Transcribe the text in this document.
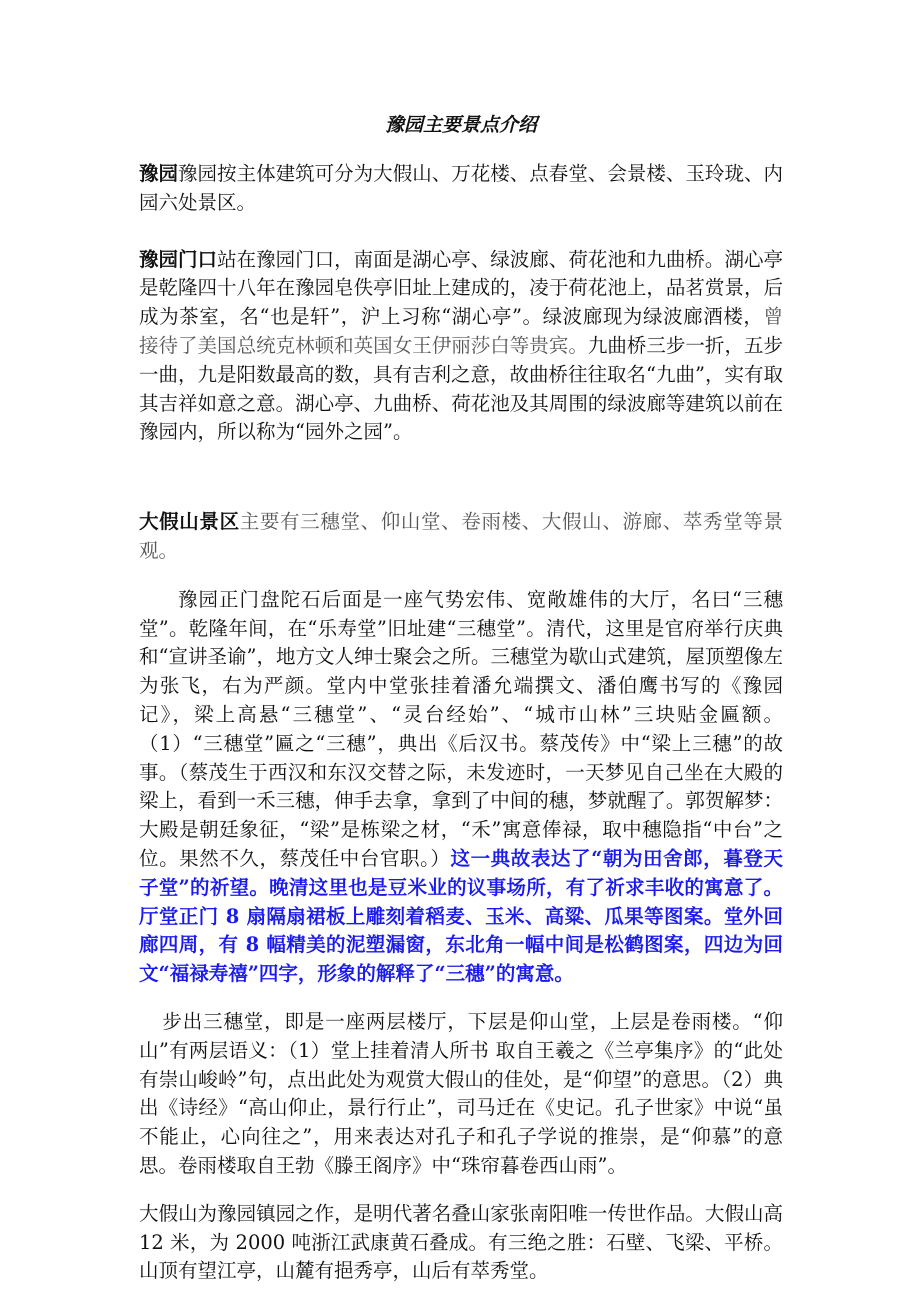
豫园主要景点介绍

豫园豫园按主体建筑可分为大假山、万花楼、点春堂、会景楼、玉玲珑、内园六处景区。

豫园门口站在豫园门口，南面是湖心亭、绿波廊、荷花池和九曲桥。湖心亭是乾隆四十八年在豫园皂佚亭旧址上建成的，凌于荷花池上，品茗赏景，后成为茶室，名“也是轩”，沪上习称“湖心亭”。绿波廊现为绿波廊酒楼，曾接待了美国总统克林顿和英国女王伊丽莎白等贵宾。九曲桥三步一折，五步一曲，九是阳数最高的数，具有吉利之意，故曲桥往往取名“九曲”，实有取其吉祥如意之意。湖心亭、九曲桥、荷花池及其周围的绿波廊等建筑以前在豫园内，所以称为“园外之园”。

大假山景区主要有三穗堂、仰山堂、卷雨楼、大假山、游廊、萃秀堂等景观。

豫园正门盘陀石后面是一座气势宏伟、宽敞雄伟的大厅，名曰“三穗堂”。乾隆年间，在“乐寿堂”旧址建“三穗堂”。清代，这里是官府举行庆典和“宣讲圣谕”，地方文人绅士聚会之所。三穗堂为歇山式建筑，屋顶塑像左为张飞，右为严颜。堂内中堂张挂着潘允端撰文、潘伯鹰书写的《豫园记》，梁上高悬“三穗堂”、“灵台经始”、“城市山林”三块贴金匾额。（1）“三穗堂”匾之“三穗”，典出《后汉书。蔡茂传》中“梁上三穗”的故事。（蔡茂生于西汉和东汉交替之际，未发迹时，一天梦见自己坐在大殿的梁上，看到一禾三穗，伸手去拿，拿到了中间的穗，梦就醒了。郭贺解梦：大殿是朝廷象征，“梁”是栋梁之材，“禾”寓意俸禄，取中穗隐指“中台”之位。果然不久，蔡茂任中台官职。）这一典故表达了“朝为田舍郎，暮登天子堂”的祈望。晚清这里也是豆米业的议事场所，有了祈求丰收的寓意了。厅堂正门 8 扇隔扇裙板上雕刻着稻麦、玉米、高粱、瓜果等图案。堂外回廊四周，有 8 幅精美的泥塑漏窗，东北角一幅中间是松鹤图案，四边为回文“福禄寿禧”四字，形象的解释了“三穗”的寓意。

步出三穗堂，即是一座两层楼厅，下层是仰山堂，上层是卷雨楼。“仰山”有两层语义：（1）堂上挂着清人所书 取自王羲之《兰亭集序》的“此处有崇山峻岭”句，点出此处为观赏大假山的佳处，是“仰望”的意思。（2）典出《诗经》“高山仰止，景行行止”，司马迁在《史记。孔子世家》中说“虽不能止，心向往之”，用来表达对孔子和孔子学说的推崇，是“仰慕”的意思。卷雨楼取自王勃《滕王阁序》中“珠帘暮卷西山雨”。

大假山为豫园镇园之作，是明代著名叠山家张南阳唯一传世作品。大假山高 12 米，为 2000 吨浙江武康黄石叠成。有三绝之胜：石壁、飞梁、平桥。山顶有望江亭，山麓有挹秀亭，山后有萃秀堂。
